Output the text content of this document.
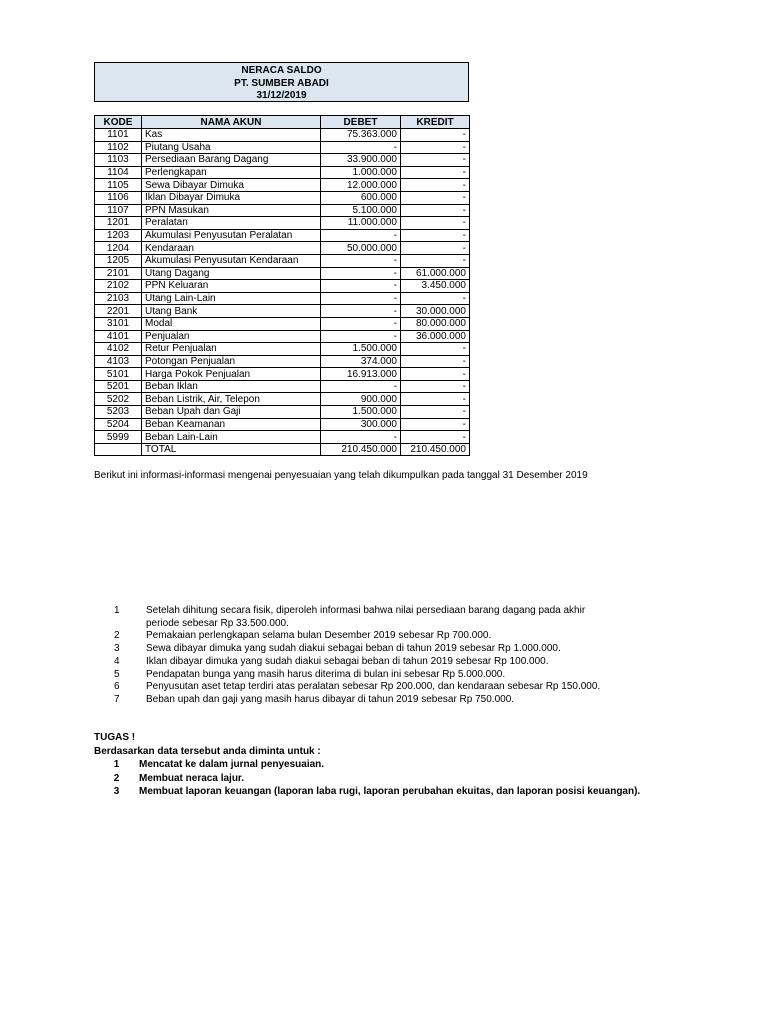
NERACA SALDO
PT. SUMBER ABADI
31/12/2019
KODE	NAMA AKUN	DEBET	KREDIT
1101	Kas	75.363.000	-
1102	Piutang Usaha	-	-
1103	Persediaan Barang Dagang	33.900.000	-
1104	Perlengkapan	1.000.000	-
1105	Sewa Dibayar Dimuka	12.000.000	-
1106	Iklan Dibayar Dimuka	600.000	-
1107	PPN Masukan	5.100.000	-
1201	Peralatan	11.000.000	-
1203	Akumulasi Penyusutan Peralatan	-	-
1204	Kendaraan	50.000.000	-
1205	Akumulasi Penyusutan Kendaraan	-	-
2101	Utang Dagang	-	61.000.000
2102	PPN Keluaran	-	3.450.000
2103	Utang Lain-Lain	-	-
2201	Utang Bank	-	30.000.000
3101	Modal	-	80.000.000
4101	Penjualan	-	36.000.000
4102	Retur Penjualan	1.500.000	-
4103	Potongan Penjualan	374.000	-
5101	Harga Pokok Penjualan	16.913.000	-
5201	Beban Iklan	-	-
5202	Beban Listrik, Air, Telepon	900.000	-
5203	Beban Upah dan Gaji	1.500.000	-
5204	Beban Keamanan	300.000	-
5999	Beban Lain-Lain	-	-
	TOTAL	210.450.000	210.450.000
Berikut ini informasi-informasi mengenai penyesuaian yang telah dikumpulkan pada tanggal 31 Desember 2019
1	Setelah dihitung secara fisik, diperoleh informasi bahwa nilai persediaan barang dagang pada akhir
periode sebesar Rp 33.500.000.
2	Pemakaian perlengkapan selama bulan Desember 2019 sebesar Rp 700.000.
3	Sewa dibayar dimuka yang sudah diakui sebagai beban di tahun 2019 sebesar Rp 1.000.000.
4	Iklan dibayar dimuka yang sudah diakui sebagai beban di tahun 2019 sebesar Rp 100.000.
5	Pendapatan bunga yang masih harus diterima di bulan ini sebesar Rp 5.000.000.
6	Penyusutan aset tetap terdiri atas peralatan sebesar Rp 200.000, dan kendaraan sebesar Rp 150.000.
7	Beban upah dan gaji yang masih harus dibayar di tahun 2019 sebesar Rp 750.000.
TUGAS !
Berdasarkan data tersebut anda diminta untuk :
1	Mencatat ke dalam jurnal penyesuaian.
2	Membuat neraca lajur.
3	Membuat laporan keuangan (laporan laba rugi, laporan perubahan ekuitas, dan laporan posisi keuangan).
